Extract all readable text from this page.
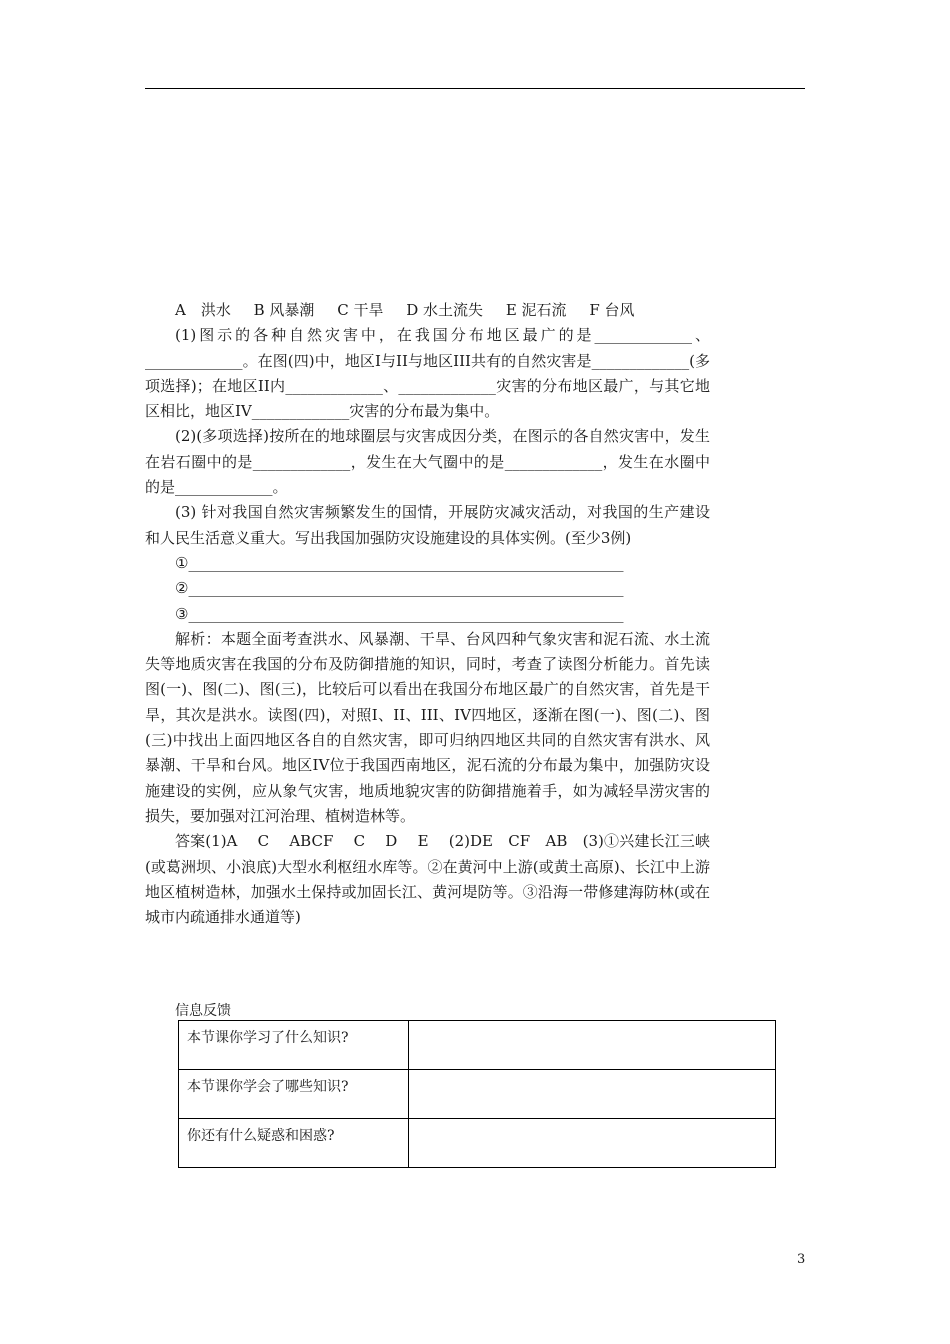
A　洪水 B 风暴潮 C 干旱 D 水土流失 E 泥石流 F 台风

(1)图示的各种自然灾害中，在我国分布地区最广的是_____________、_____________。在图(四)中，地区I与II与地区III共有的自然灾害是_____________(多项选择)；在地区II内_____________、_____________灾害的分布地区最广，与其它地区相比，地区IV_____________灾害的分布最为集中。

(2)(多项选择)按所在的地球圈层与灾害成因分类，在图示的各自然灾害中，发生在岩石圈中的是_____________，发生在大气圈中的是_____________，发生在水圈中的是_____________。

(3) 针对我国自然灾害频繁发生的国情，开展防灾减灾活动，对我国的生产建设和人民生活意义重大。写出我国加强防灾设施建设的具体实例。(至少3例)

①__________________________________________________________

②__________________________________________________________

③__________________________________________________________

解析：本题全面考查洪水、风暴潮、干旱、台风四种气象灾害和泥石流、水土流失等地质灾害在我国的分布及防御措施的知识，同时，考查了读图分析能力。首先读图(一)、图(二)、图(三)，比较后可以看出在我国分布地区最广的自然灾害，首先是干旱，其次是洪水。读图(四)，对照I、II、III、IV四地区，逐渐在图(一)、图(二)、图(三)中找出上面四地区各自的自然灾害，即可归纳四地区共同的自然灾害有洪水、风暴潮、干旱和台风。地区IV位于我国西南地区，泥石流的分布最为集中，加强防灾设施建设的实例，应从象气灾害，地质地貌灾害的防御措施着手，如为减轻旱涝灾害的损失，要加强对江河治理、植树造林等。

答案(1)A　 C　 ABCF　 C　 D　 E　 (2)DE　CF　AB　(3)①兴建长江三峡(或葛洲坝、小浪底)大型水利枢纽水库等。②在黄河中上游(或黄土高原)、长江中上游地区植树造林，加强水土保持或加固长江、黄河堤防等。③沿海一带修建海防林(或在城市内疏通排水通道等)

信息反馈
本节课你学习了什么知识?	
本节课你学会了哪些知识?	
你还有什么疑惑和困惑?	
3
